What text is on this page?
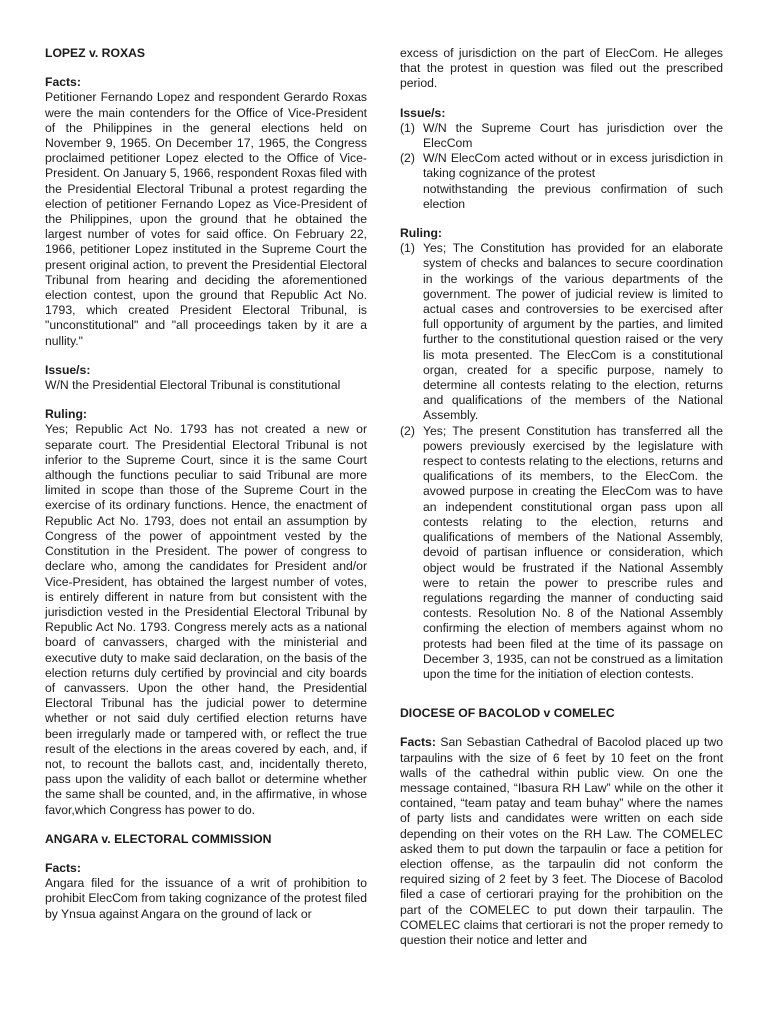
LOPEZ v. ROXAS

Facts:

Petitioner Fernando Lopez and respondent Gerardo Roxas were the main contenders for the Office of Vice-President of the Philippines in the general elections held on November 9, 1965. On December 17, 1965, the Congress proclaimed petitioner Lopez elected to the Office of Vice- President. On January 5, 1966, respondent Roxas filed with the Presidential Electoral Tribunal a protest regarding the election of petitioner Fernando Lopez as Vice-President of the Philippines, upon the ground that he obtained the largest number of votes for said office. On February 22, 1966, petitioner Lopez instituted in the Supreme Court the present original action, to prevent the Presidential Electoral Tribunal from hearing and deciding the aforementioned election contest, upon the ground that Republic Act No. 1793, which created President Electoral Tribunal, is "unconstitutional" and "all proceedings taken by it are a nullity."

Issue/s:

W/N the Presidential Electoral Tribunal is constitutional

Ruling:

Yes; Republic Act No. 1793 has not created a new or separate court. The Presidential Electoral Tribunal is not inferior to the Supreme Court, since it is the same Court although the functions peculiar to said Tribunal are more limited in scope than those of the Supreme Court in the exercise of its ordinary functions. Hence, the enactment of Republic Act No. 1793, does not entail an assumption by Congress of the power of appointment vested by the Constitution in the President. The power of congress to declare who, among the candidates for President and/or Vice-President, has obtained the largest number of votes, is entirely different in nature from but consistent with the jurisdiction vested in the Presidential Electoral Tribunal by Republic Act No. 1793. Congress merely acts as a national board of canvassers, charged with the ministerial and executive duty to make said declaration, on the basis of the election returns duly certified by provincial and city boards of canvassers. Upon the other hand, the Presidential Electoral Tribunal has the judicial power to determine whether or not said duly certified election returns have been irregularly made or tampered with, or reflect the true result of the elections in the areas covered by each, and, if not, to recount the ballots cast, and, incidentally thereto, pass upon the validity of each ballot or determine whether the same shall be counted, and, in the affirmative, in whose favor,which Congress has power to do.

ANGARA v. ELECTORAL COMMISSION

Facts:

Angara filed for the issuance of a writ of prohibition to prohibit ElecCom from taking cognizance of the protest filed by Ynsua against Angara on the ground of lack or

excess of jurisdiction on the part of ElecCom. He alleges that the protest in question was filed out the prescribed period.

Issue/s:

(1) W/N the Supreme Court has jurisdiction over the ElecCom
(2) W/N ElecCom acted without or in excess jurisdiction in taking cognizance of the protest
notwithstanding the previous confirmation of such election

Ruling:

(1) Yes; The Constitution has provided for an elaborate system of checks and balances to secure coordination in the workings of the various departments of the government. The power of judicial review is limited to actual cases and controversies to be exercised after full opportunity of argument by the parties, and limited further to the constitutional question raised or the very lis mota presented. The ElecCom is a constitutional organ, created for a specific purpose, namely to determine all contests relating to the election, returns and qualifications of the members of the National Assembly.
(2) Yes; The present Constitution has transferred all the powers previously exercised by the legislature with respect to contests relating to the elections, returns and qualifications of its members, to the ElecCom. the avowed purpose in creating the ElecCom was to have an independent constitutional organ pass upon all contests relating to the election, returns and qualifications of members of the National Assembly, devoid of partisan influence or consideration, which object would be frustrated if the National Assembly were to retain the power to prescribe rules and regulations regarding the manner of conducting said contests. Resolution No. 8 of the National Assembly confirming the election of members against whom no protests had been filed at the time of its passage on December 3, 1935, can not be construed as a limitation upon the time for the initiation of election contests.

DIOCESE OF BACOLOD v COMELEC

Facts: San Sebastian Cathedral of Bacolod placed up two tarpaulins with the size of 6 feet by 10 feet on the front walls of the cathedral within public view. On one the message contained, “Ibasura RH Law” while on the other it contained, “team patay and team buhay” where the names of party lists and candidates were written on each side depending on their votes on the RH Law. The COMELEC asked them to put down the tarpaulin or face a petition for election offense, as the tarpaulin did not conform the required sizing of 2 feet by 3 feet. The Diocese of Bacolod filed a case of certiorari praying for the prohibition on the part of the COMELEC to put down their tarpaulin. The COMELEC claims that certiorari is not the proper remedy to question their notice and letter and
